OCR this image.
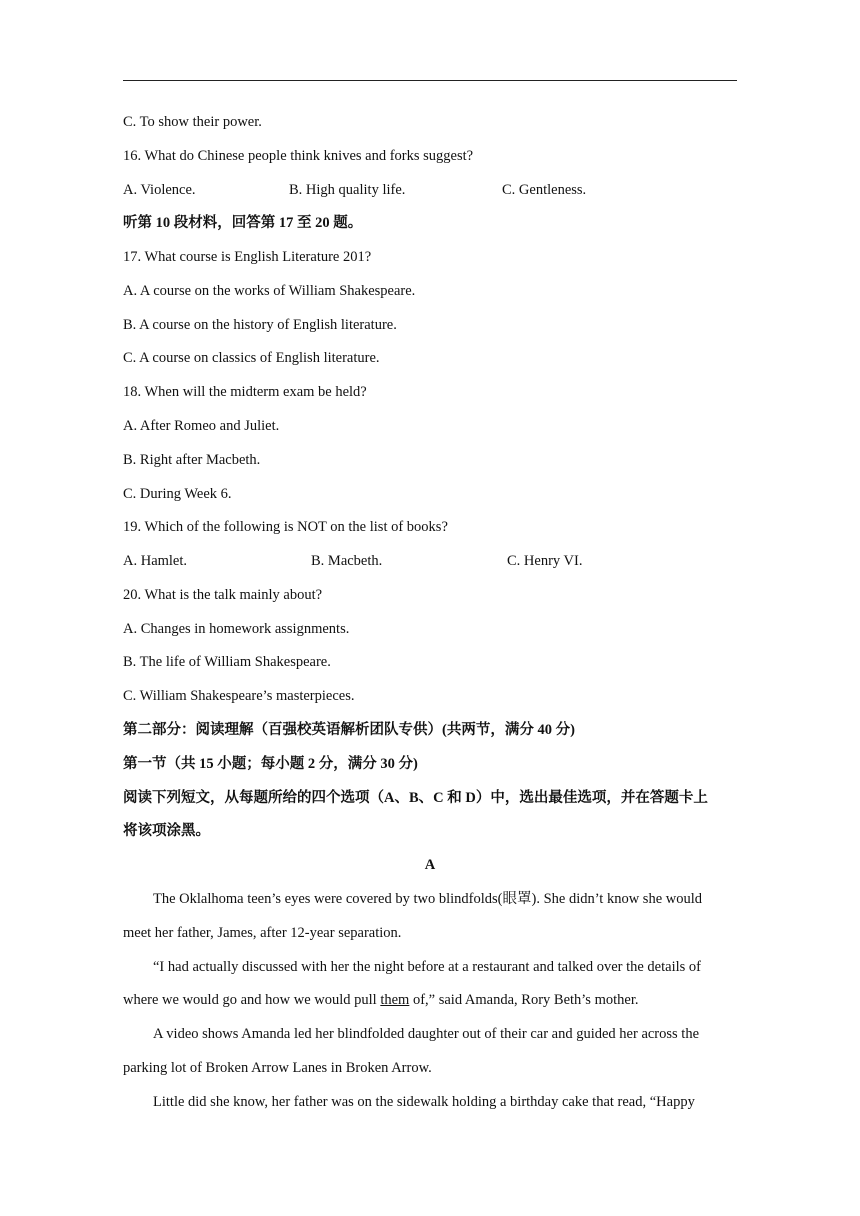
C. To show their power.
16. What do Chinese people think knives and forks suggest?
A. Violence.	B. High quality life.	C. Gentleness.
听第 10 段材料，回答第 17 至 20 题。
17. What course is English Literature 201?
A. A course on the works of William Shakespeare.
B. A course on the history of English literature.
C. A course on classics of English literature.
18. When will the midterm exam be held?
A. After Romeo and Juliet.
B. Right after Macbeth.
C. During Week 6.
19. Which of the following is NOT on the list of books?
A. Hamlet.	B. Macbeth.	C. Henry VI.
20. What is the talk mainly about?
A. Changes in homework assignments.
B. The life of William Shakespeare.
C. William Shakespeare’s masterpieces.
第二部分：阅读理解（百强校英语解析团队专供）(共两节，满分 40 分)
第一节（共 15 小题；每小题 2 分，满分 30 分)
阅读下列短文，从每题所给的四个选项（A、B、C 和 D）中，选出最佳选项，并在答题卡上
将该项涂黑。
A
The Oklalhoma teen’s eyes were covered by two blindfolds(眼罩). She didn’t know she would
meet her father, James, after 12-year separation.
“I had actually discussed with her the night before at a restaurant and talked over the details of
where we would go and how we would pull them of,” said Amanda, Rory Beth’s mother.
A video shows Amanda led her blindfolded daughter out of their car and guided her across the
parking lot of Broken Arrow Lanes in Broken Arrow.
Little did she know, her father was on the sidewalk holding a birthday cake that read, “Happy
